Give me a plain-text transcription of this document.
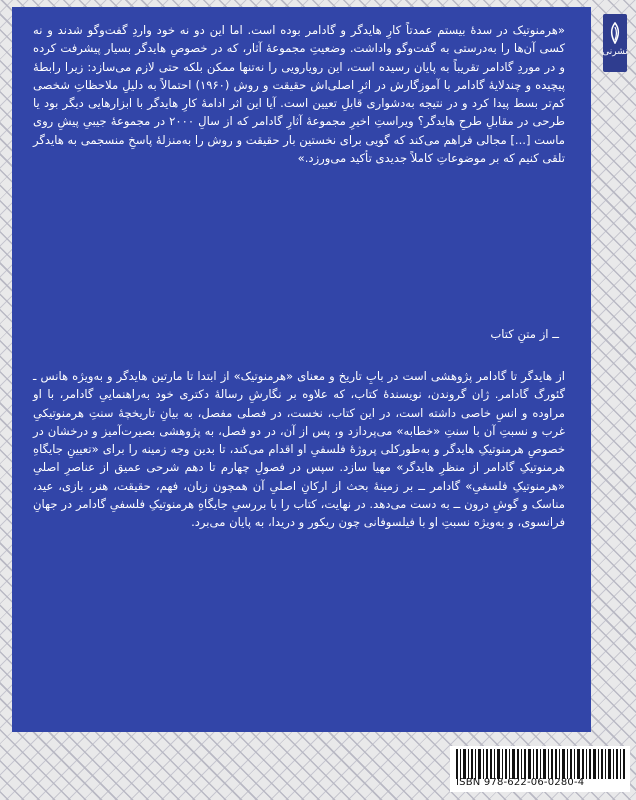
«هرمنوتیک در سدهٔ بیستم عمدتاً کارِ هایدگر و گادامر بوده است. اما این دو نه خود واردِ گفت‌وگو شدند و نه کسی آن‌ها را به‌درستی به گفت‌وگو واداشت. وضعیتِ مجموعهٔ آثار، که در خصوصِ هایدگر بسیار پیشرفت کرده و در موردِ گادامر تقریباً به پایان رسیده است، این رویارویی را نه‌تنها ممکن بلکه حتی لازم می‌سازد: زیرا رابطهٔ پیچیده و چندلایهٔ گادامر با آموزگارش در اثرِ اصلی‌اش حقیقت و روش (۱۹۶۰) احتمالاً به دلیلِ ملاحظاتِ شخصی کم‌تر بسط پیدا کرد و در نتیجه به‌دشواری قابلِ تعیین است. آیا این اثر ادامهٔ کارِ هایدگر با ابزارهایی دیگر بود یا طرحی در مقابلِ طرحِ هایدگر؟ ویراستِ اخیرِ مجموعهٔ آثارِ گادامر که از سالِ ۲۰۰۰ در مجموعهٔ جیبیِ پیشِ روی ماست [...] مجالی فراهم می‌کند که گویی برای نخستین بار حقیقت و روش را به‌منزلهٔ پاسخِ منسجمی به هایدگر تلقی کنیم که بر موضوعاتِ کاملاً جدیدی تأکید می‌ورزد.»
ــ از متنِ کتاب
از هایدگر تا گادامر پژوهشی است در بابِ تاریخ و معنای «هرمنوتیک» از ابتدا تا مارتین هایدگر و به‌ویژه هانس ـ گئورگ گادامر. ژان گروندن، نویسندهٔ کتاب، که علاوه بر نگارشِ رسالهٔ دکتری خود به‌راهنماییِ گادامر، با او مراوده و انسِ خاصی داشته است، در این کتاب، نخست، در فصلی مفصل، به بیانِ تاریخچهٔ سنتِ هرمنوتیکیِ غرب و نسبتِ آن با سنتِ «خطابه» می‌پردازد و، پس از آن، در دو فصل، به پژوهشی بصیرت‌آمیز و درخشان در خصوصِ هرمنوتیکِ هایدگر و به‌طورکلی پروژهٔ فلسفیِ او اقدام می‌کند، تا بدین وجه زمینه را برای «تعیینِ جایگاهِ هرمنوتیکِ گادامر از منظرِ هایدگر» مهیا سازد. سپس در فصولِ چهارم تا دهم شرحی عمیق از عناصرِ اصلیِ «هرمنوتیکِ فلسفیِ» گادامر ــ بر زمینهٔ بحث از ارکانِ اصلیِ آن همچون زبان، فهم، حقیقت، هنر، بازی، عید، مناسک و گوشِ درون ــ به دست می‌دهد. در نهایت، کتاب را با بررسیِ جایگاهِ هرمنوتیکِ فلسفیِ گادامر در جهانِ فرانسوی، و به‌ویژه نسبتِ او با فیلسوفانی چون ریکور و دریدا، به پایان می‌برد.
نشرنی
ISBN 978-622-06-0280-4
